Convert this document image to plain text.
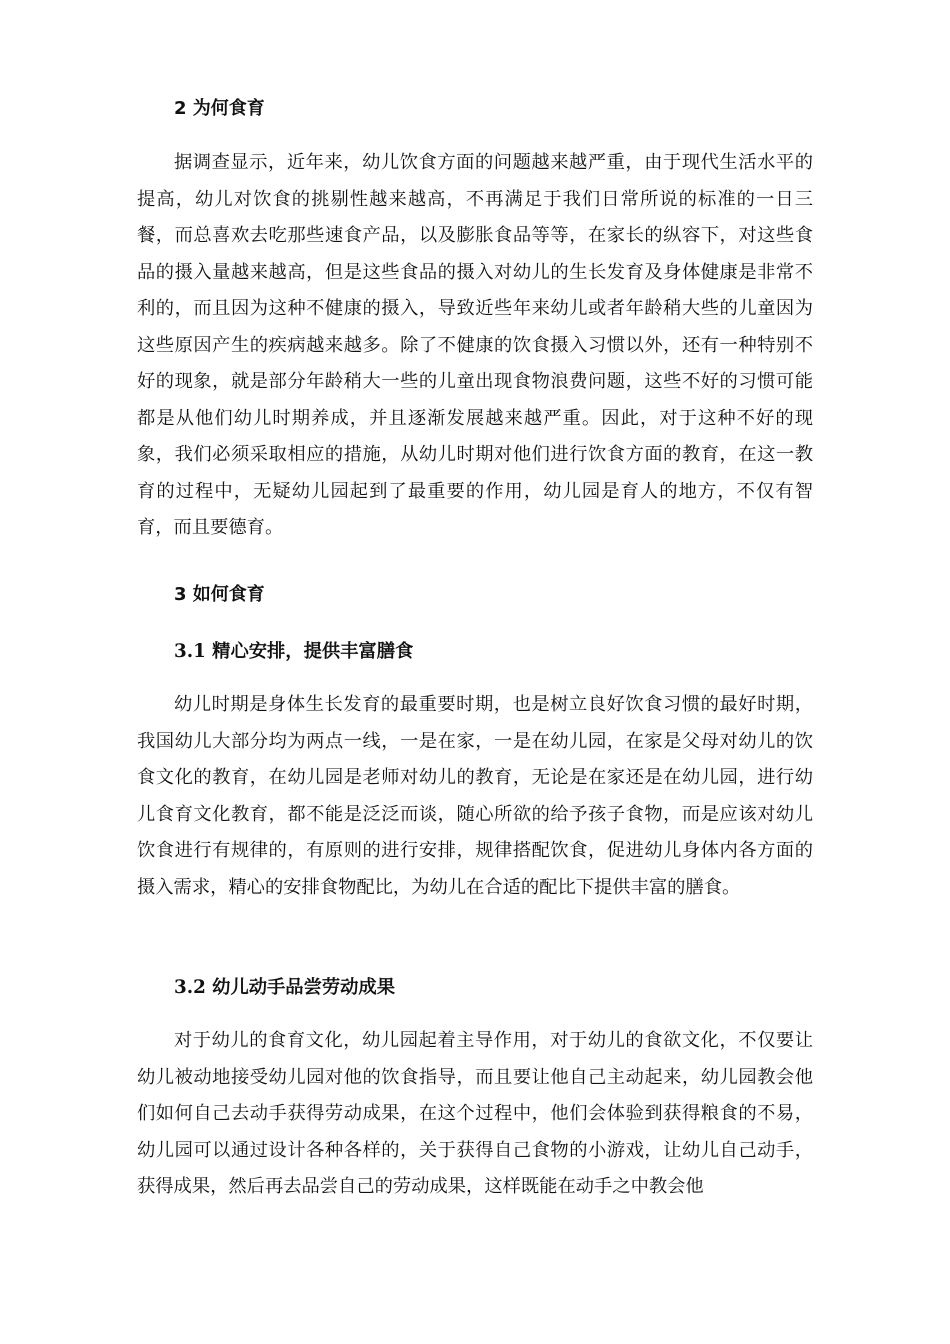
2 为何食育

据调查显示，近年来，幼儿饮食方面的问题越来越严重，由于现代生活水平的提高，幼儿对饮食的挑剔性越来越高，不再满足于我们日常所说的标准的一日三餐，而总喜欢去吃那些速食产品，以及膨胀食品等等，在家长的纵容下，对这些食品的摄入量越来越高，但是这些食品的摄入对幼儿的生长发育及身体健康是非常不利的，而且因为这种不健康的摄入，导致近些年来幼儿或者年龄稍大些的儿童因为这些原因产生的疾病越来越多。除了不健康的饮食摄入习惯以外，还有一种特别不好的现象，就是部分年龄稍大一些的儿童出现食物浪费问题，这些不好的习惯可能都是从他们幼儿时期养成，并且逐渐发展越来越严重。因此，对于这种不好的现象，我们必须采取相应的措施，从幼儿时期对他们进行饮食方面的教育，在这一教育的过程中，无疑幼儿园起到了最重要的作用，幼儿园是育人的地方，不仅有智育，而且要德育。

3 如何食育
3.1 精心安排，提供丰富膳食

幼儿时期是身体生长发育的最重要时期，也是树立良好饮食习惯的最好时期，我国幼儿大部分均为两点一线，一是在家，一是在幼儿园，在家是父母对幼儿的饮食文化的教育，在幼儿园是老师对幼儿的教育，无论是在家还是在幼儿园，进行幼儿食育文化教育，都不能是泛泛而谈，随心所欲的给予孩子食物，而是应该对幼儿饮食进行有规律的，有原则的进行安排，规律搭配饮食，促进幼儿身体内各方面的摄入需求，精心的安排食物配比，为幼儿在合适的配比下提供丰富的膳食。

3.2 幼儿动手品尝劳动成果

对于幼儿的食育文化，幼儿园起着主导作用，对于幼儿的食欲文化，不仅要让幼儿被动地接受幼儿园对他的饮食指导，而且要让他自己主动起来，幼儿园教会他们如何自己去动手获得劳动成果，在这个过程中，他们会体验到获得粮食的不易，幼儿园可以通过设计各种各样的，关于获得自己食物的小游戏，让幼儿自己动手，获得成果，然后再去品尝自己的劳动成果，这样既能在动手之中教会他
